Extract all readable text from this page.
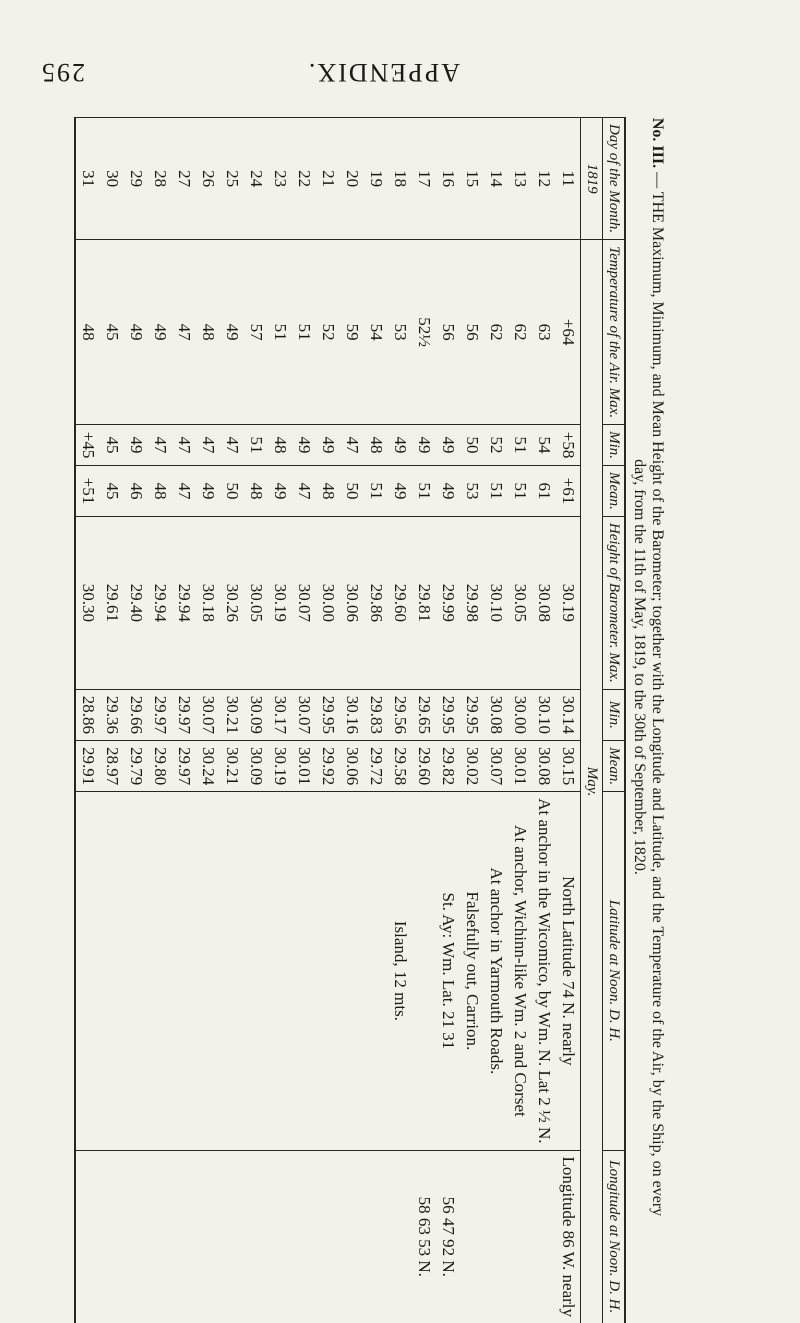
APPENDIX.
295
No. III. — THE Maximum, Minimum, and Mean Height of the Barometer; together with the Longitude and Latitude, and the Temperature of the Air, by the Ship, on every day, from the 11th of May, 1819, to the 30th of September, 1820.
Day of the Month.	Temperature of the Air. Max.	Min.	Mean.	Height of Barometer. Max.	Min.	Mean.	Latitude at Noon. D. H.	Longitude at Noon. D. H.
1819	May.							
11	+64	+58	+61	30.19	30.14	30.15	North Latitude 74 N. nearly	Longitude 86 W. nearly
12	63	54	61	30.08	30.10	30.08	At anchor in the Wicomico, by Wm. N. Lat 2 ½ N.	
13	62	51	51	30.05	30.00	30.01	At anchor, Wichinn-like Wm. 2 and Corset	
14	62	52	51	30.10	30.08	30.07	At anchor in Yarmouth Roads.	
15	56	50	53	29.98	29.95	30.02	Falsefully out, Carrion.	
16	56	49	49	29.99	29.95	29.82	St. Ay: Wm. Lat. 21 31	56 47 92 N.
17	52½	49	51	29.81	29.65	29.60		58 63 53 N.
18	53	49	49	29.60	29.56	29.58	Island, 12 mts.	
19	54	48	51	29.86	29.83	29.72		
20	59	47	50	30.06	30.16	30.06		
21	52	49	48	30.00	29.95	29.92		
22	51	49	47	30.07	30.07	30.01		
23	51	48	49	30.19	30.17	30.19		
24	57	51	48	30.05	30.09	30.09		
25	49	47	50	30.26	30.21	30.21		
26	48	47	49	30.18	30.07	30.24		
27	47	47	47	29.94	29.97	29.97		
28	49	47	48	29.94	29.97	29.80		
29	49	49	46	29.40	29.66	29.79		
30	45	45	45	29.61	29.36	28.97		
31	48	+45	+51	30.30	28.86	29.91		
